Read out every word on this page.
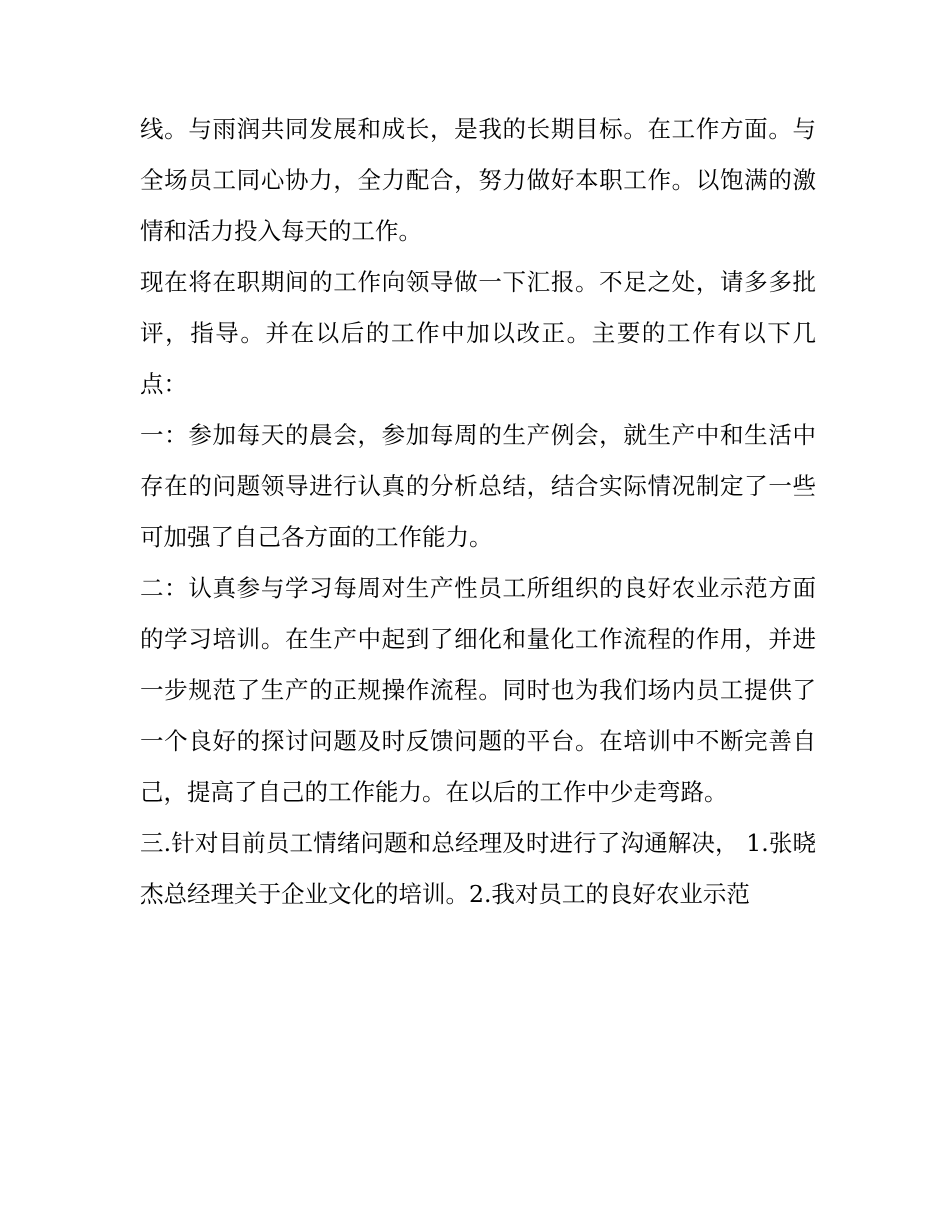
线。与雨润共同发展和成长，是我的长期目标。在工作方面。与全场员工同心协力，全力配合，努力做好本职工作。以饱满的激情和活力投入每天的工作。

现在将在职期间的工作向领导做一下汇报。不足之处，请多多批评，指导。并在以后的工作中加以改正。主要的工作有以下几点：

一：参加每天的晨会，参加每周的生产例会，就生产中和生活中存在的问题领导进行认真的分析总结，结合实际情况制定了一些可加强了自己各方面的工作能力。

二：认真参与学习每周对生产性员工所组织的良好农业示范方面的学习培训。在生产中起到了细化和量化工作流程的作用，并进一步规范了生产的正规操作流程。同时也为我们场内员工提供了一个良好的探讨问题及时反馈问题的平台。在培训中不断完善自己，提高了自己的工作能力。在以后的工作中少走弯路。

三.针对目前员工情绪问题和总经理及时进行了沟通解决， 1.张晓杰总经理关于企业文化的培训。2.我对员工的良好农业示范
